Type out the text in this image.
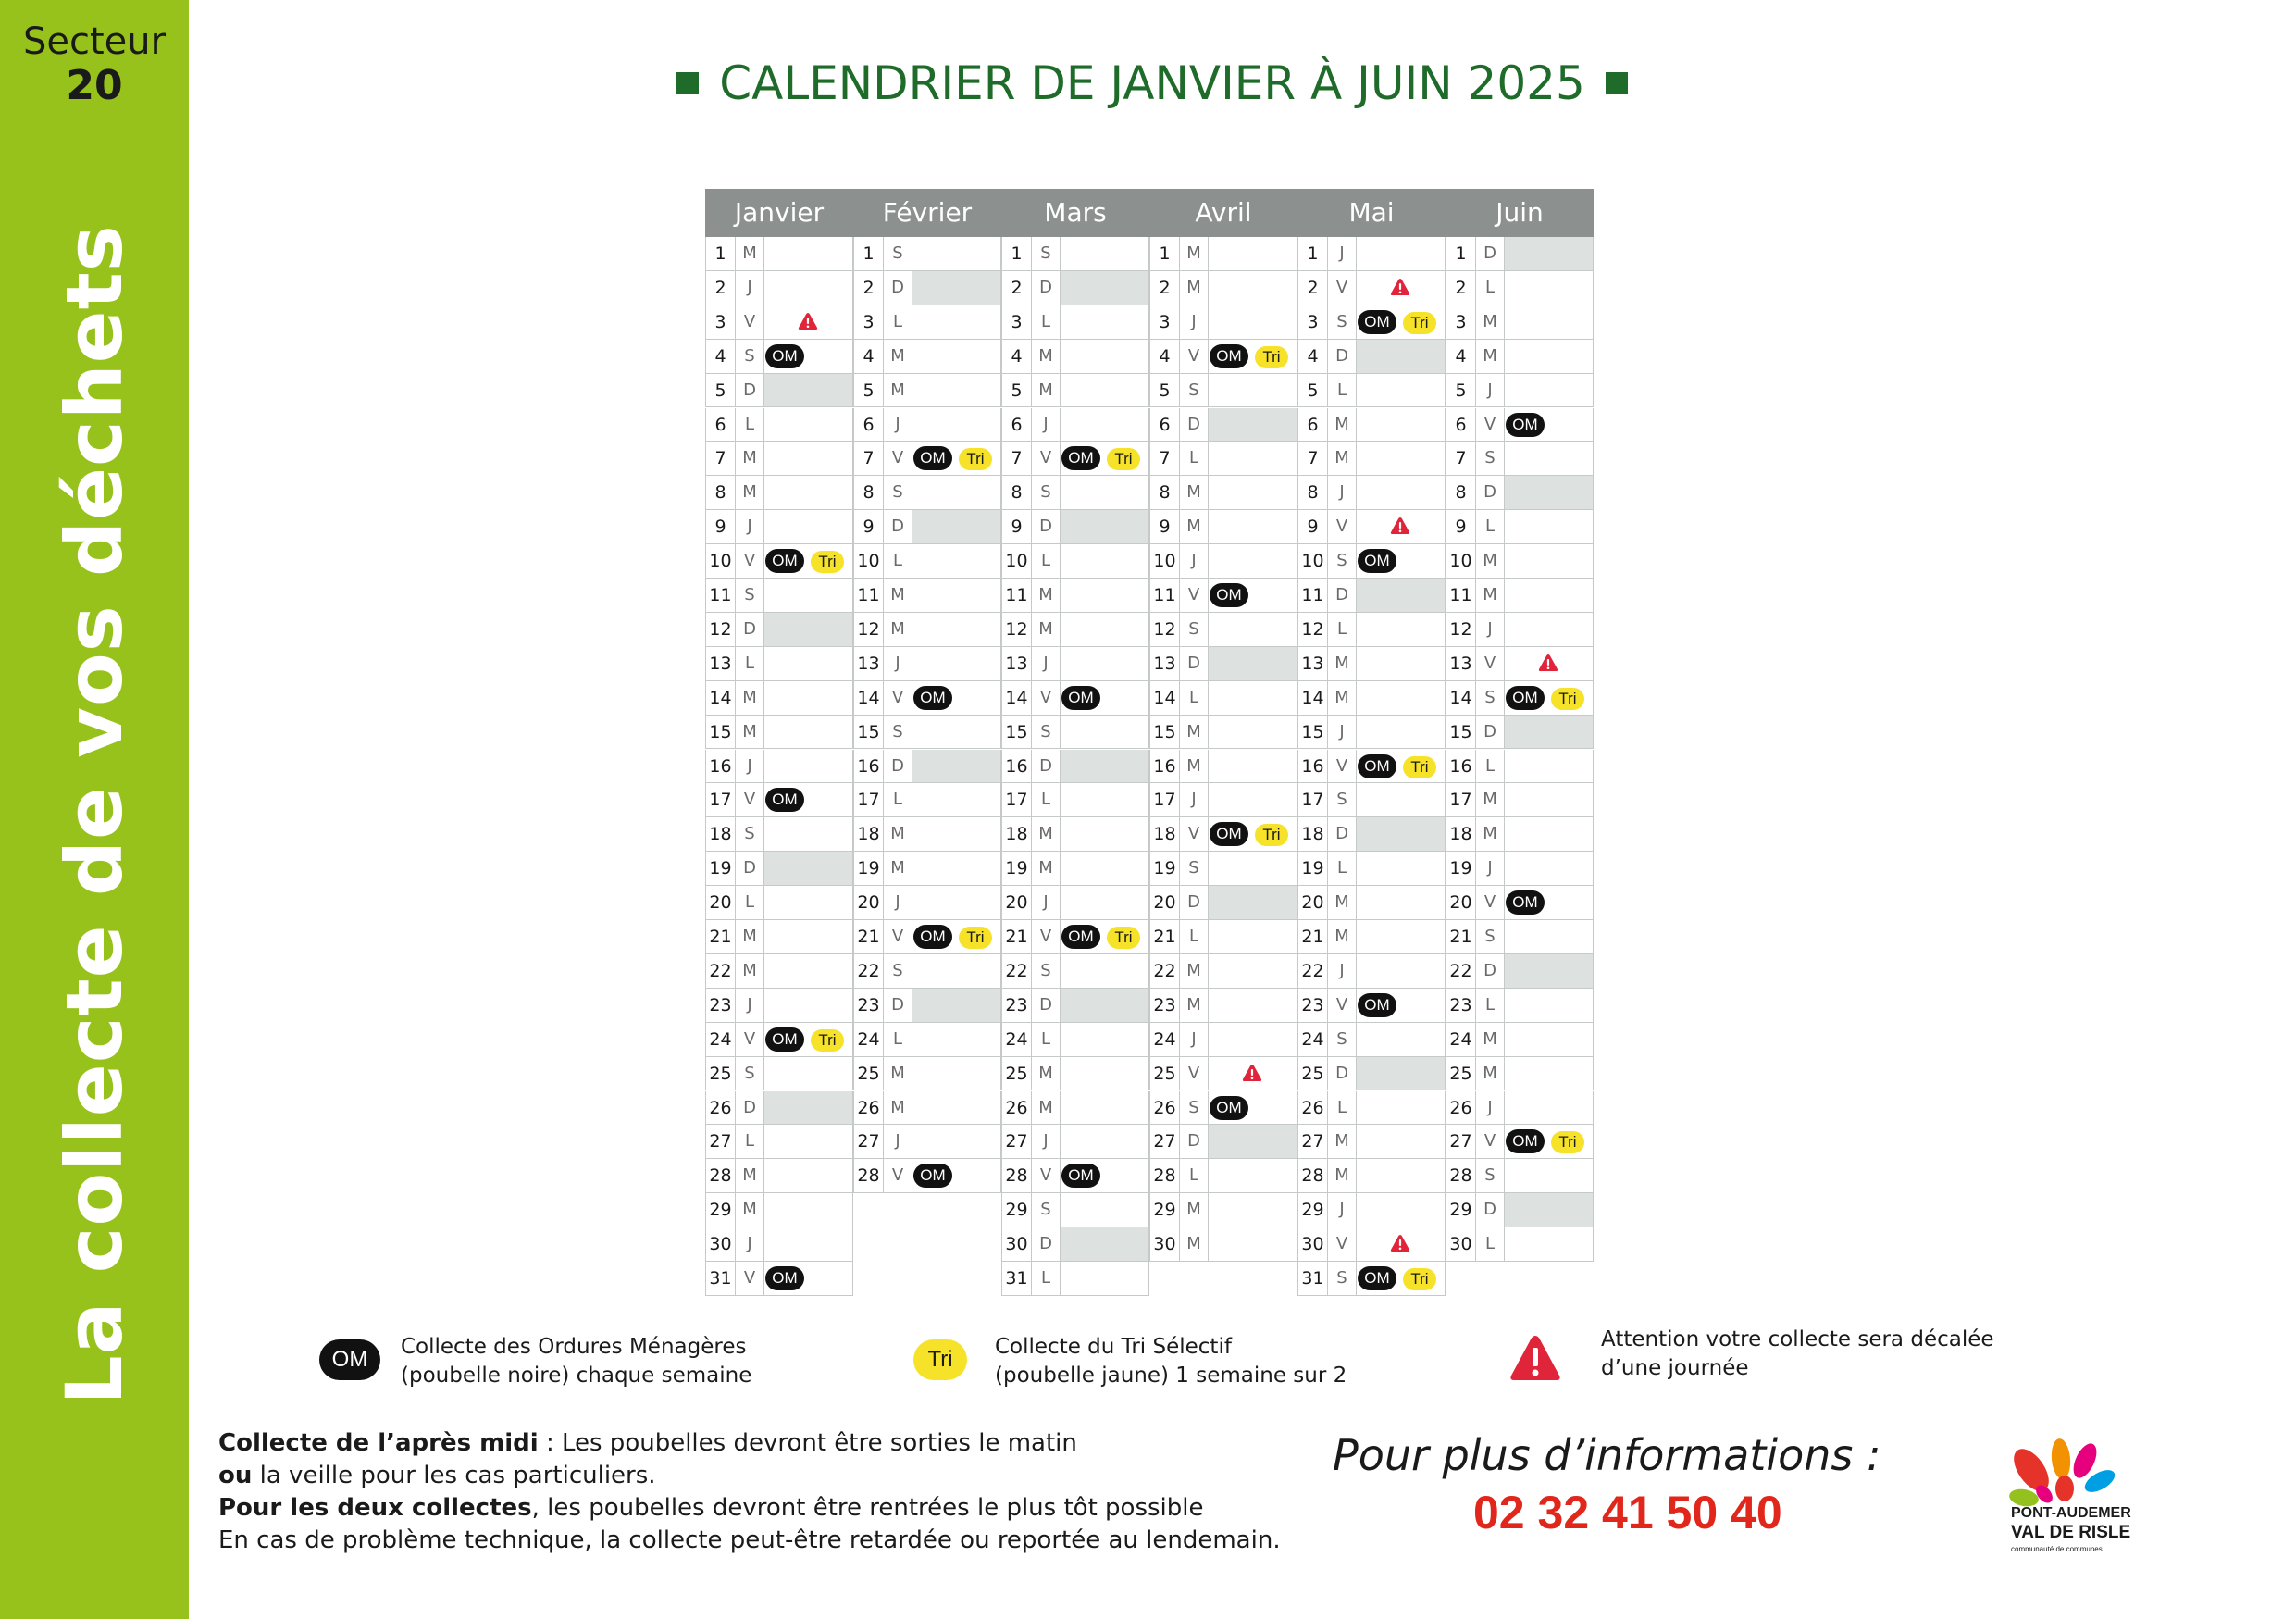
Secteur
20
La collecte de vos déchets
CALENDRIER DE JANVIER À JUIN 2025
Janvier	Février	Mars	Avril	Mai	Juin
1 M
2	J
3	V
4	S	OM
5	D
6	L
7 M
8 M
9	J
10 V	OM	Tri
11 S
12 D
13 L
14 M
15 M
16 J
17 V	OM
18 S
19 D
20 L
21 M
22 M
23 J
24 V	OM	Tri
25 S
26 D
27 L
28 M
29 M
30 J
31 V	OM
1	S
2	D
3	L
4 M
5 M
6	J
7	V	OM	Tri
8	S
9	D
10 L
11 M
12 M
13 J
14 V	OM
15 S
16 D
17 L
18 M
19 M
20 J
21 V	OM	Tri
22 S
23 D
24 L
25 M
26 M
27 J
28 V	OM
1	S
2	D
3	L
4 M
5 M
6	J
7	V	OM	Tri
8	S
9	D
10 L
11 M
12 M
13 J
14 V	OM
15 S
16 D
17 L
18 M
19 M
20 J
21 V	OM	Tri
22 S
23 D
24 L
25 M
26 M
27 J
28 V	OM
29 S
30 D
31 L
1 M
2 M
3	J
4	V	OM	Tri
5	S
6	D
7	L
8 M
9 M
10 J
11 V	OM
12 S
13 D
14 L
15 M
16 M
17 J
18 V	OM	Tri
19 S
20 D
21 L
22 M
23 M
24 J
25 V
26 S	OM
27 D
28 L
29 M
30 M
1	J
2	V
3	S	OM	Tri
4	D
5	L
6 M
7 M
8	J
9	V
10 S	OM
11 D
12 L
13 M
14 M
15 J
16 V	OM	Tri
17 S
18 D
19 L
20 M
21 M
22 J
23 V	OM
24 S
25 D
26 L
27 M
28 M
29 J
30 V
31 S	OM	Tri
1	D
2	L
3 M
4 M
5	J
6	V	OM
7	S
8	D
9	L
10 M
11 M
12 J
13 V
14 S	OM	Tri
15 D
16 L
17 M
18 M
19 J
20 V	OM
21 S
22 D
23 L
24 M
25 M
26 J
27 V	OM	Tri
28 S
29 D
30 L
OM	Collecte des Ordures Ménagères
(poubelle noire) chaque semaine
Tri	Collecte du Tri Sélectif
(poubelle jaune) 1 semaine sur 2
Attention votre collecte sera décalée
d’une journée
Collecte de l’après midi : Les poubelles devront être sorties le matin
ou la veille pour les cas particuliers.
Pour les deux collectes, les poubelles devront être rentrées le plus tôt possible
En cas de problème technique, la collecte peut-être retardée ou reportée au lendemain.
Pour plus d’informations :
02 32 41 50 40	PONT-AUDEMER
VAL DE RISLE
communauté de communes
